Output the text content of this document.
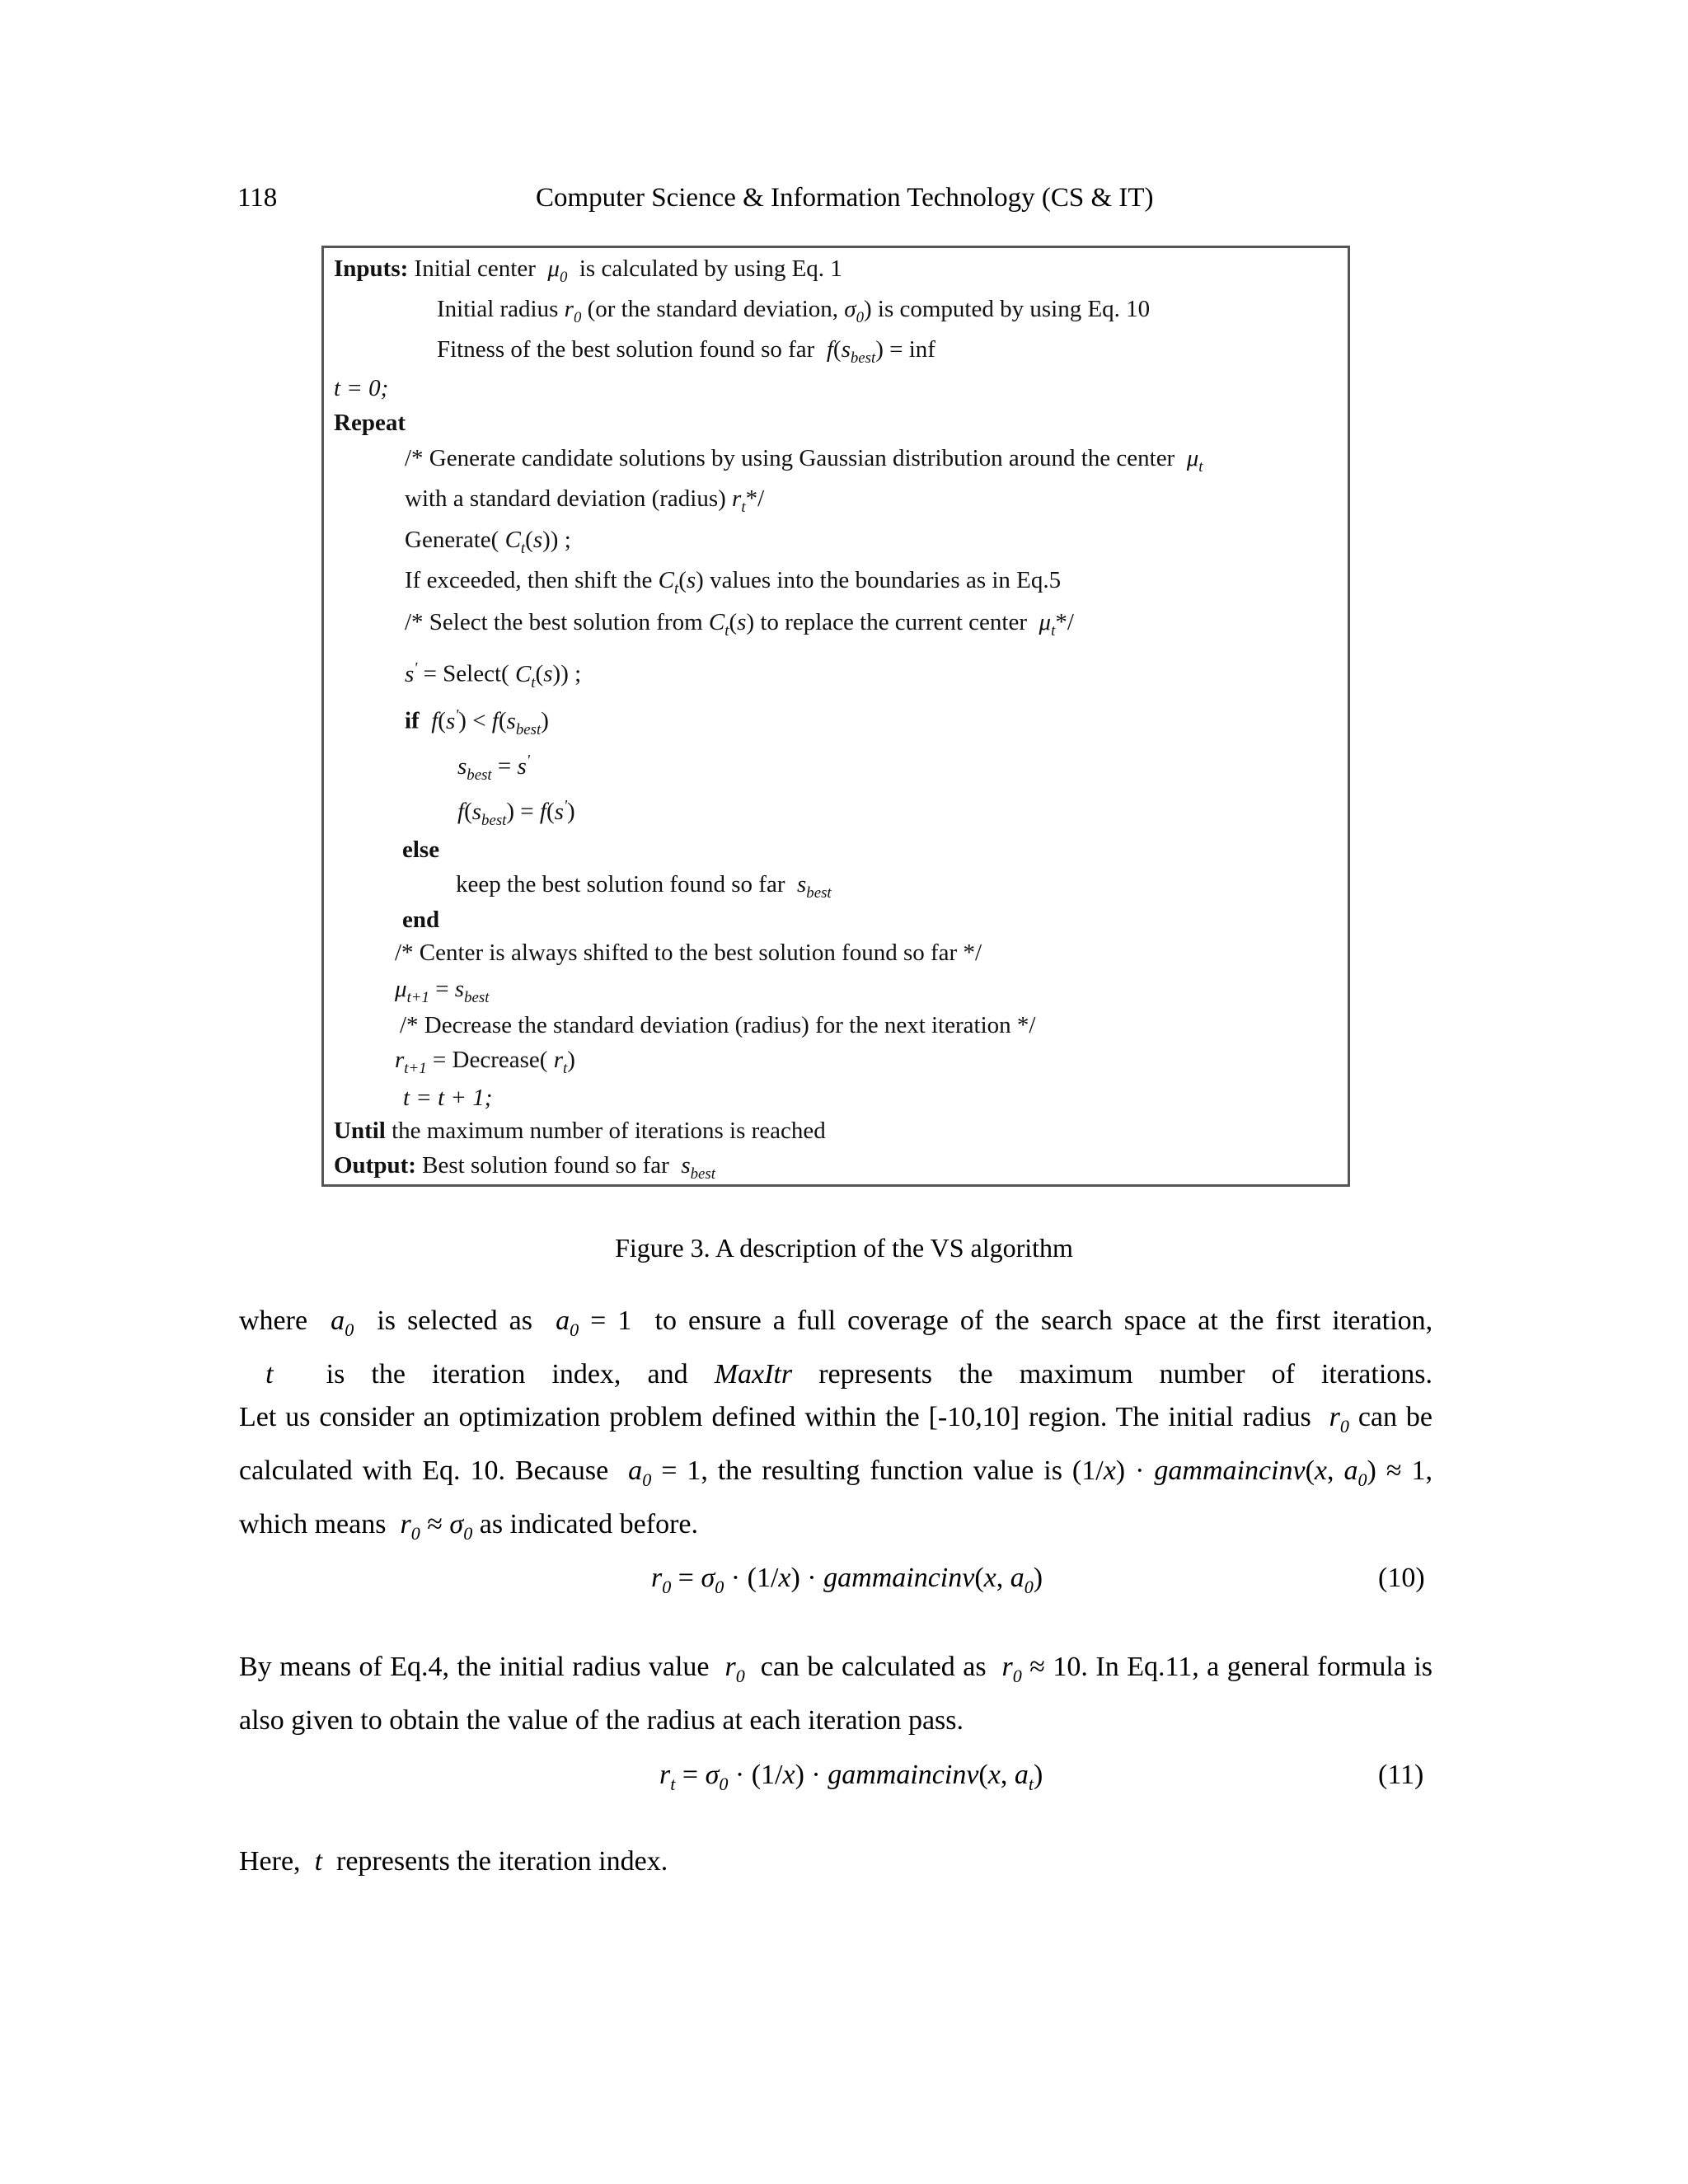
118	Computer Science & Information Technology (CS & IT)
Inputs: Initial center  $\mu_0$ is calculated by using Eq. 1
Initial radius $r_0$ (or the standard deviation, $\sigma_0$) is computed by using Eq. 10
Fitness of the best solution found so far  $f(s_{best})$ = inf
t = 0;
Repeat
/* Generate candidate solutions by using Gaussian distribution around the center  $\mu_t$
with a standard deviation (radius) $r_t*/$
Generate( $C_t(s)$) ;
If exceeded, then shift the $C_t(s)$ values into the boundaries as in Eq.5
/* Select the best solution from $C_t(s)$ to replace the current center  $\mu_t*/$
s' = Select( $C_t(s)$) ;
if  $f(s') < f(s_{best})$
$s_{best} = s'$
$f(s_{best}) = f(s')$
else
keep the best solution found so far  $s_{best}$
end
/* Center is always shifted to the best solution found so far */
$\mu_{t+1} = s_{best}$
/* Decrease the standard deviation (radius) for the next iteration */
$r_{t+1}$ = Decrease( $r_t$)
t = t + 1;
Until the maximum number of iterations is reached
Output: Best solution found so far  $s_{best}$
Figure 3. A description of the VS algorithm
where  $a_0$ is selected as  $a_0 = 1$  to ensure a full coverage of the search space at the first iteration,
t  is the iteration index, and MaxItr represents the maximum number of iterations.
Let us consider an optimization problem defined within the [-10,10] region. The initial radius  $r_0$ can be calculated with Eq. 10. Because  $a_0 = 1$, the resulting function value is (1/x) · gammaincinv(x, $a_0) \approx 1$, which means  $r_0 \approx \sigma_0$ as indicated before.
$r_0 = \sigma_0 \cdot (1/x)$ · gammaincinv(x, $a_0$)	(10)
By means of Eq.4, the initial radius value  $r_0$ can be calculated as  $r_0 \approx 10$. In Eq.11, a general formula is also given to obtain the value of the radius at each iteration pass.
$r_t = \sigma_0 \cdot (1/x)$ · gammaincinv(x, $a_t$)	(11)
Here,  t  represents the iteration index.
